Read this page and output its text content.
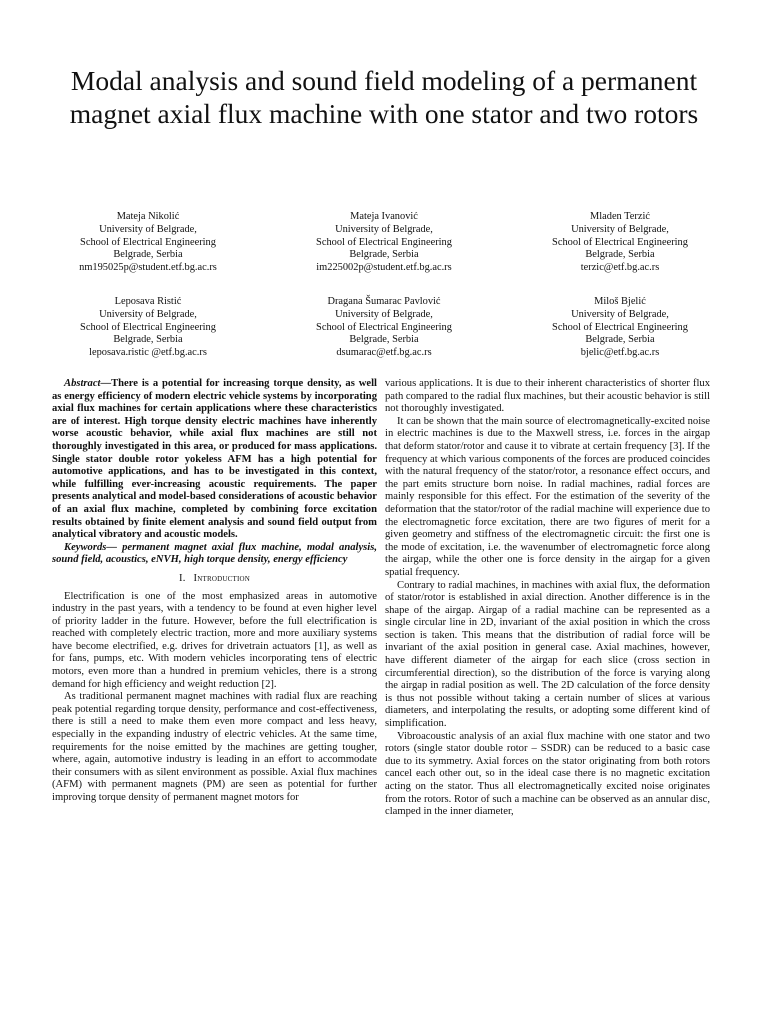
Modal analysis and sound field modeling of a permanent magnet axial flux machine with one stator and two rotors
Mateja Nikolić
University of Belgrade,
School of Electrical Engineering
Belgrade, Serbia
nm195025p@student.etf.bg.ac.rs
Mateja Ivanović
University of Belgrade,
School of Electrical Engineering
Belgrade, Serbia
im225002p@student.etf.bg.ac.rs
Mladen Terzić
University of Belgrade,
School of Electrical Engineering
Belgrade, Serbia
terzic@etf.bg.ac.rs
Leposava Ristić
University of Belgrade,
School of Electrical Engineering
Belgrade, Serbia
leposava.ristic @etf.bg.ac.rs
Dragana Šumarac Pavlović
University of Belgrade,
School of Electrical Engineering
Belgrade, Serbia
dsumarac@etf.bg.ac.rs
Miloš Bjelić
University of Belgrade,
School of Electrical Engineering
Belgrade, Serbia
bjelic@etf.bg.ac.rs

Abstract—There is a potential for increasing torque density, as well as energy efficiency of modern electric vehicle systems by incorporating axial flux machines for certain applications where these characteristics are of interest. High torque density electric machines have inherently worse acoustic behavior, while axial flux machines are still not thoroughly investigated in this area, or produced for mass applications. Single stator double rotor yokeless AFM has a high potential for automotive applications, and has to be investigated in this context, while fulfilling ever-increasing acoustic requirements. The paper presents analytical and model-based considerations of acoustic behavior of an axial flux machine, completed by combining force excitation results obtained by finite element analysis and sound field output from analytical vibratory and acoustic models.

Keywords— permanent magnet axial flux machine, modal analysis, sound field, acoustics, eNVH, high torque density, energy efficiency

I. Introduction

Electrification is one of the most emphasized areas in automotive industry in the past years, with a tendency to be found at even higher level of priority ladder in the future. However, before the full electrification is reached with completely electric traction, more and more auxiliary systems have become electrified, e.g. drives for drivetrain actuators [1], as well as for fans, pumps, etc. With modern vehicles incorporating tens of electric motors, even more than a hundred in premium vehicles, there is a strong demand for high efficiency and weight reduction [2].

As traditional permanent magnet machines with radial flux are reaching peak potential regarding torque density, performance and cost-effectiveness, there is still a need to make them even more compact and less heavy, especially in the expanding industry of electric vehicles. At the same time, requirements for the noise emitted by the machines are getting tougher, where, again, automotive industry is leading in an effort to accommodate their consumers with as silent environment as possible. Axial flux machines (AFM) with permanent magnets (PM) are seen as potential for further improving torque density of permanent magnet motors for

various applications. It is due to their inherent characteristics of shorter flux path compared to the radial flux machines, but their acoustic behavior is still not thoroughly investigated.

It can be shown that the main source of electromagnetically-excited noise in electric machines is due to the Maxwell stress, i.e. forces in the airgap that deform stator/rotor and cause it to vibrate at certain frequency [3]. If the frequency at which various components of the forces are produced coincides with the natural frequency of the stator/rotor, a resonance effect occurs, and the part emits structure born noise. In radial machines, radial forces are mainly responsible for this effect. For the estimation of the severity of the deformation that the stator/rotor of the radial machine will experience due to the electromagnetic force excitation, there are two figures of merit for a given geometry and stiffness of the electromagnetic circuit: the first one is the mode of excitation, i.e. the wavenumber of electromagnetic force along the airgap, while the other one is force density in the airgap for a given spatial frequency.

Contrary to radial machines, in machines with axial flux, the deformation of stator/rotor is established in axial direction. Another difference is in the shape of the airgap. Airgap of a radial machine can be represented as a single circular line in 2D, invariant of the axial position in which the cross section is taken. This means that the distribution of radial force will be invariant of the axial position in general case. Axial machines, however, have different diameter of the airgap for each slice (cross section in circumferential direction), so the distribution of the force is varying along the airgap in radial position as well. The 2D calculation of the force density is thus not possible without taking a certain number of slices at various diameters, and interpolating the results, or adopting some different kind of simplification.

Vibroacoustic analysis of an axial flux machine with one stator and two rotors (single stator double rotor – SSDR) can be reduced to a basic case due to its symmetry. Axial forces on the stator originating from both rotors cancel each other out, so in the ideal case there is no magnetic excitation acting on the stator. Thus all electromagnetically excited noise originates from the rotors. Rotor of such a machine can be observed as an annular disc, clamped in the inner diameter,
